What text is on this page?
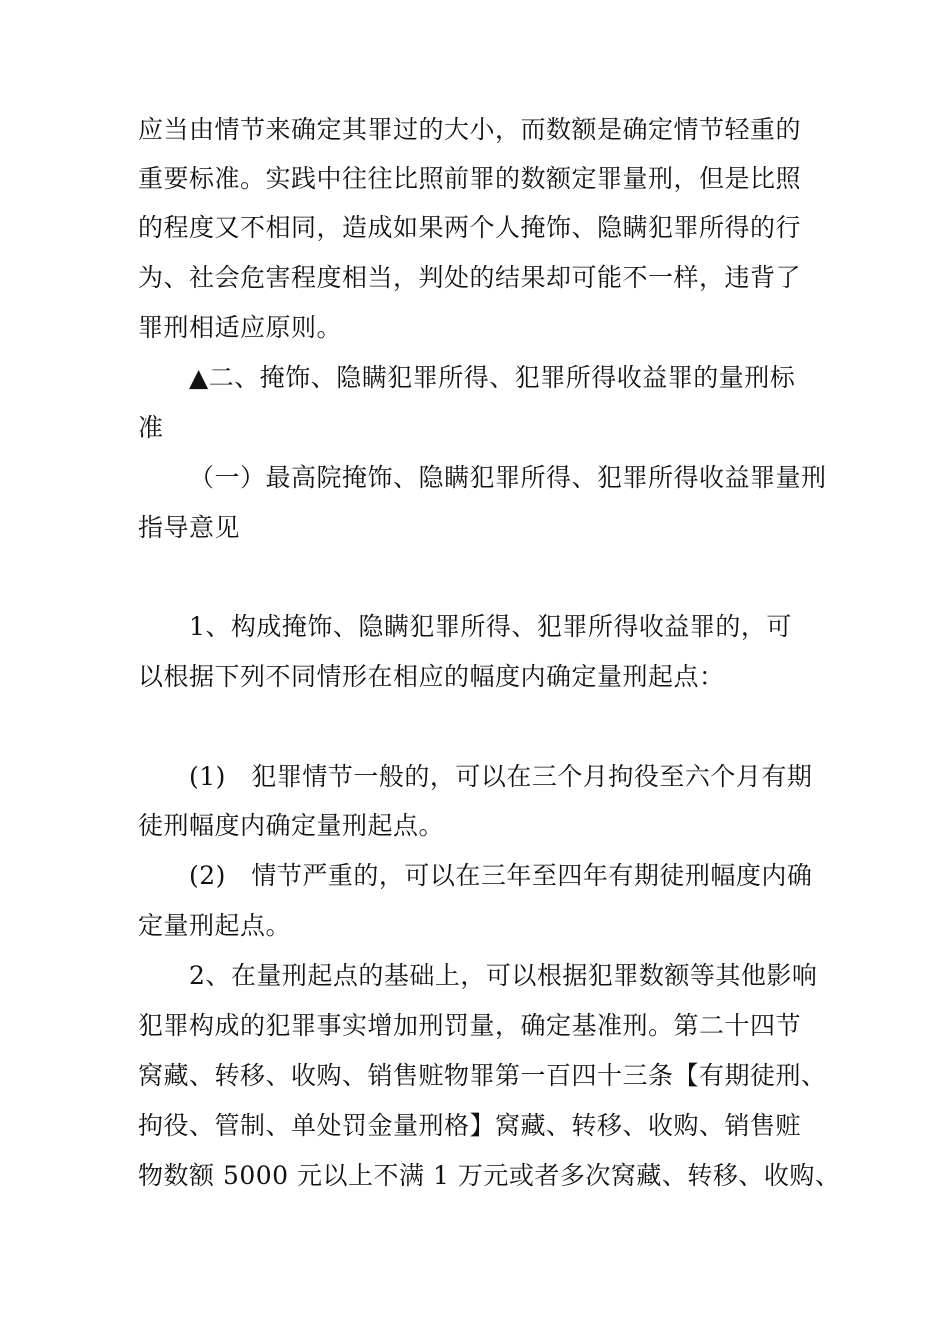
应当由情节来确定其罪过的大小，而数额是确定情节轻重的
重要标准。实践中往往比照前罪的数额定罪量刑，但是比照
的程度又不相同，造成如果两个人掩饰、隐瞒犯罪所得的行
为、社会危害程度相当，判处的结果却可能不一样，违背了
罪刑相适应原则。
▲二、掩饰、隐瞒犯罪所得、犯罪所得收益罪的量刑标
准
（一）最高院掩饰、隐瞒犯罪所得、犯罪所得收益罪量刑
指导意见
1、构成掩饰、隐瞒犯罪所得、犯罪所得收益罪的，可
以根据下列不同情形在相应的幅度内确定量刑起点：
(1)　犯罪情节一般的，可以在三个月拘役至六个月有期
徒刑幅度内确定量刑起点。
(2)　情节严重的，可以在三年至四年有期徒刑幅度内确
定量刑起点。
2、在量刑起点的基础上，可以根据犯罪数额等其他影响
犯罪构成的犯罪事实增加刑罚量，确定基准刑。第二十四节
窝藏、转移、收购、销售赃物罪第一百四十三条【有期徒刑、
拘役、管制、单处罚金量刑格】窝藏、转移、收购、销售赃
物数额 5000 元以上不满 1 万元或者多次窝藏、转移、收购、
